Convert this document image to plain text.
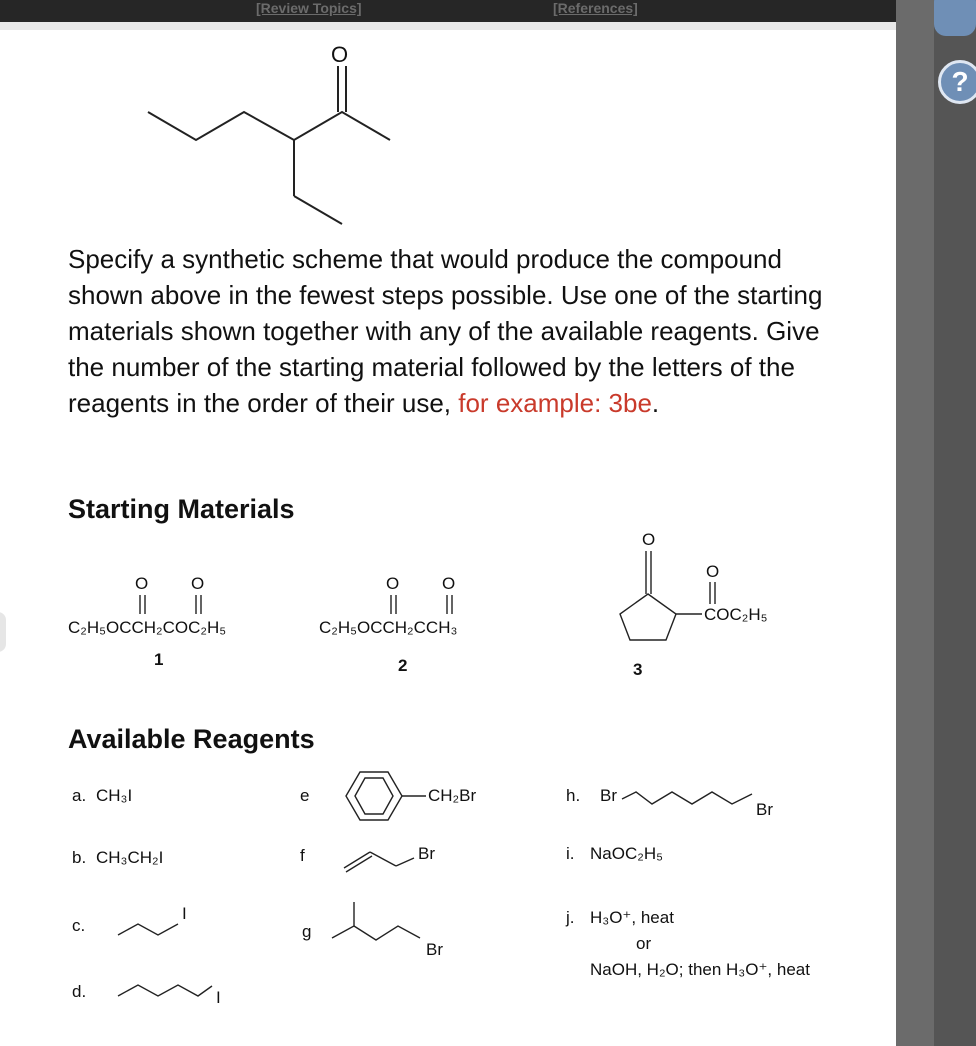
[Review Topics]	[References]
?
O
Specify a synthetic scheme that would produce the compound shown above in the fewest steps possible. Use one of the starting materials shown together with any of the available reagents. Give the number of the starting material followed by the letters of the reagents in the order of their use, for example: 3be.
Starting Materials
O	O
C₂H₅OCCH₂COC₂H₅
1
O	O
C₂H₅OCCH₂CCH₃
2
O
O
COC₂H₅
3
Available Reagents
a. CH₃I
b. CH₃CH₂I
c.
I
d.	I
e	CH₂Br
f	Br
g
Br
h. Br
Br
i. NaOC₂H₅
j. H₃O⁺, heat
or
NaOH, H₂O; then H₃O⁺, heat
